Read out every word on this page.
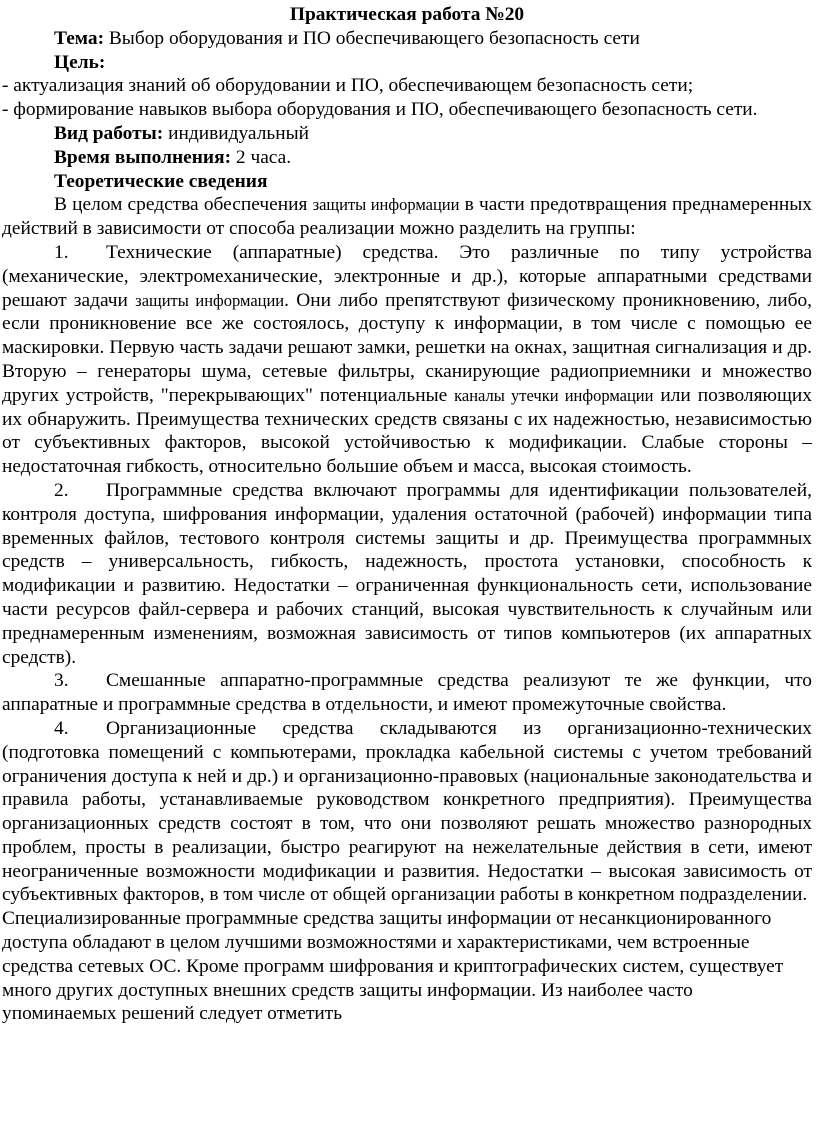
Практическая работа №20

Тема: Выбор оборудования и ПО обеспечивающего безопасность сети

Цель:

- актуализация знаний об оборудовании и ПО, обеспечивающем безопасность сети;

- формирование навыков выбора оборудования и ПО, обеспечивающего безопасность сети.

Вид работы: индивидуальный

Время выполнения: 2 часа.

Теоретические сведения

В целом средства обеспечения защиты информации в части предотвращения преднамеренных действий в зависимости от способа реализации можно разделить на группы:

1. Технические (аппаратные) средства. Это различные по типу устройства (механические, электромеханические, электронные и др.), которые аппаратными средствами решают задачи защиты информации. Они либо препятствуют физическому проникновению, либо, если проникновение все же состоялось, доступу к информации, в том числе с помощью ее маскировки. Первую часть задачи решают замки, решетки на окнах, защитная сигнализация и др. Вторую – генераторы шума, сетевые фильтры, сканирующие радиоприемники и множество других устройств, "перекрывающих" потенциальные каналы утечки информации или позволяющих их обнаружить. Преимущества технических средств связаны с их надежностью, независимостью от субъективных факторов, высокой устойчивостью к модификации. Слабые стороны – недостаточная гибкость, относительно большие объем и масса, высокая стоимость.

2. Программные средства включают программы для идентификации пользователей, контроля доступа, шифрования информации, удаления остаточной (рабочей) информации типа временных файлов, тестового контроля системы защиты и др. Преимущества программных средств – универсальность, гибкость, надежность, простота установки, способность к модификации и развитию. Недостатки – ограниченная функциональность сети, использование части ресурсов файл-сервера и рабочих станций, высокая чувствительность к случайным или преднамеренным изменениям, возможная зависимость от типов компьютеров (их аппаратных средств).

3. Смешанные аппаратно-программные средства реализуют те же функции, что аппаратные и программные средства в отдельности, и имеют промежуточные свойства.

4. Организационные средства складываются из организационно-технических (подготовка помещений с компьютерами, прокладка кабельной системы с учетом требований ограничения доступа к ней и др.) и организационно-правовых (национальные законодательства и правила работы, устанавливаемые руководством конкретного предприятия). Преимущества организационных средств состоят в том, что они позволяют решать множество разнородных проблем, просты в реализации, быстро реагируют на нежелательные действия в сети, имеют неограниченные возможности модификации и развития. Недостатки – высокая зависимость от субъективных факторов, в том числе от общей организации работы в конкретном подразделении.

Специализированные программные средства защиты информации от несанкционированного доступа обладают в целом лучшими возможностями и характеристиками, чем встроенные средства сетевых ОС. Кроме программ шифрования и криптографических систем, существует много других доступных внешних средств защиты информации. Из наиболее часто упоминаемых решений следует отметить
